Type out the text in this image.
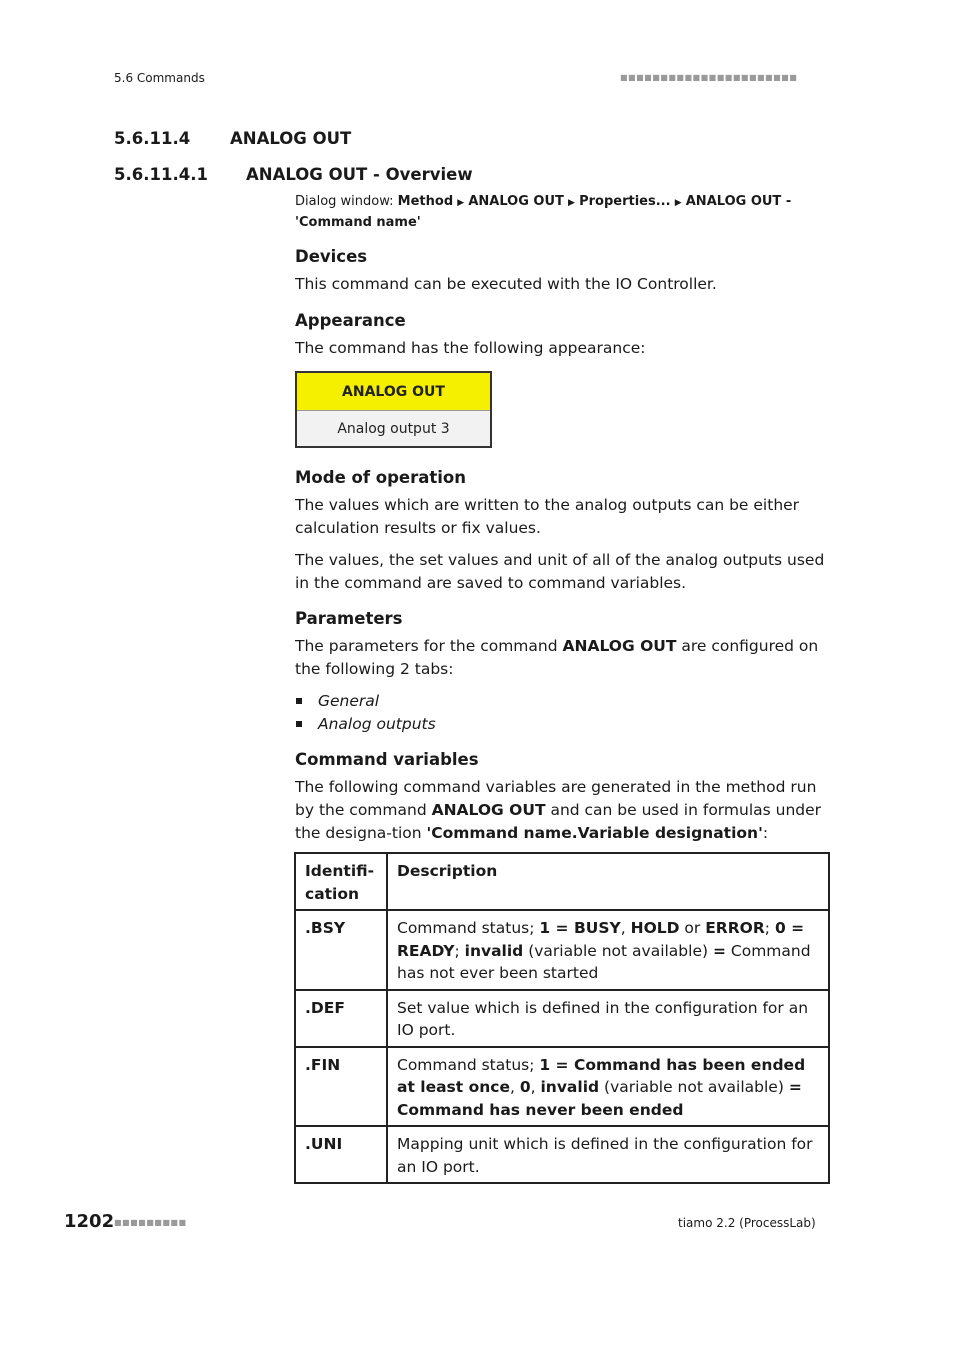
5.6 Commands	■■■■■■■■■■■■■■■■■■■■■■
5.6.11.4 ANALOG OUT
5.6.11.4.1 ANALOG OUT - Overview
Dialog window: Method ▶ ANALOG OUT ▶ Properties... ▶ ANALOG OUT - 'Command name'
Devices
This command can be executed with the IO Controller.
Appearance
The command has the following appearance:
ANALOG OUT
Analog output 3
Mode of operation
The values which are written to the analog outputs can be either calculation results or fix values.
The values, the set values and unit of all of the analog outputs used in the command are saved to command variables.
Parameters
The parameters for the command ANALOG OUT are configured on the following 2 tabs:
General
Analog outputs
Command variables
The following command variables are generated in the method run by the command ANALOG OUT and can be used in formulas under the designa-tion 'Command name.Variable designation':
Identifi-cation	Description
.BSY	Command status; 1 = BUSY, HOLD or ERROR; 0 = READY; invalid (variable not available) = Command has not ever been started
.DEF	Set value which is defined in the configuration for an IO port.
.FIN	Command status; 1 = Command has been ended at least once, 0, invalid (variable not available) = Command has never been ended
.UNI	Mapping unit which is defined in the configuration for an IO port.
1202 ■■■■■■■■■	tiamo 2.2 (ProcessLab)
